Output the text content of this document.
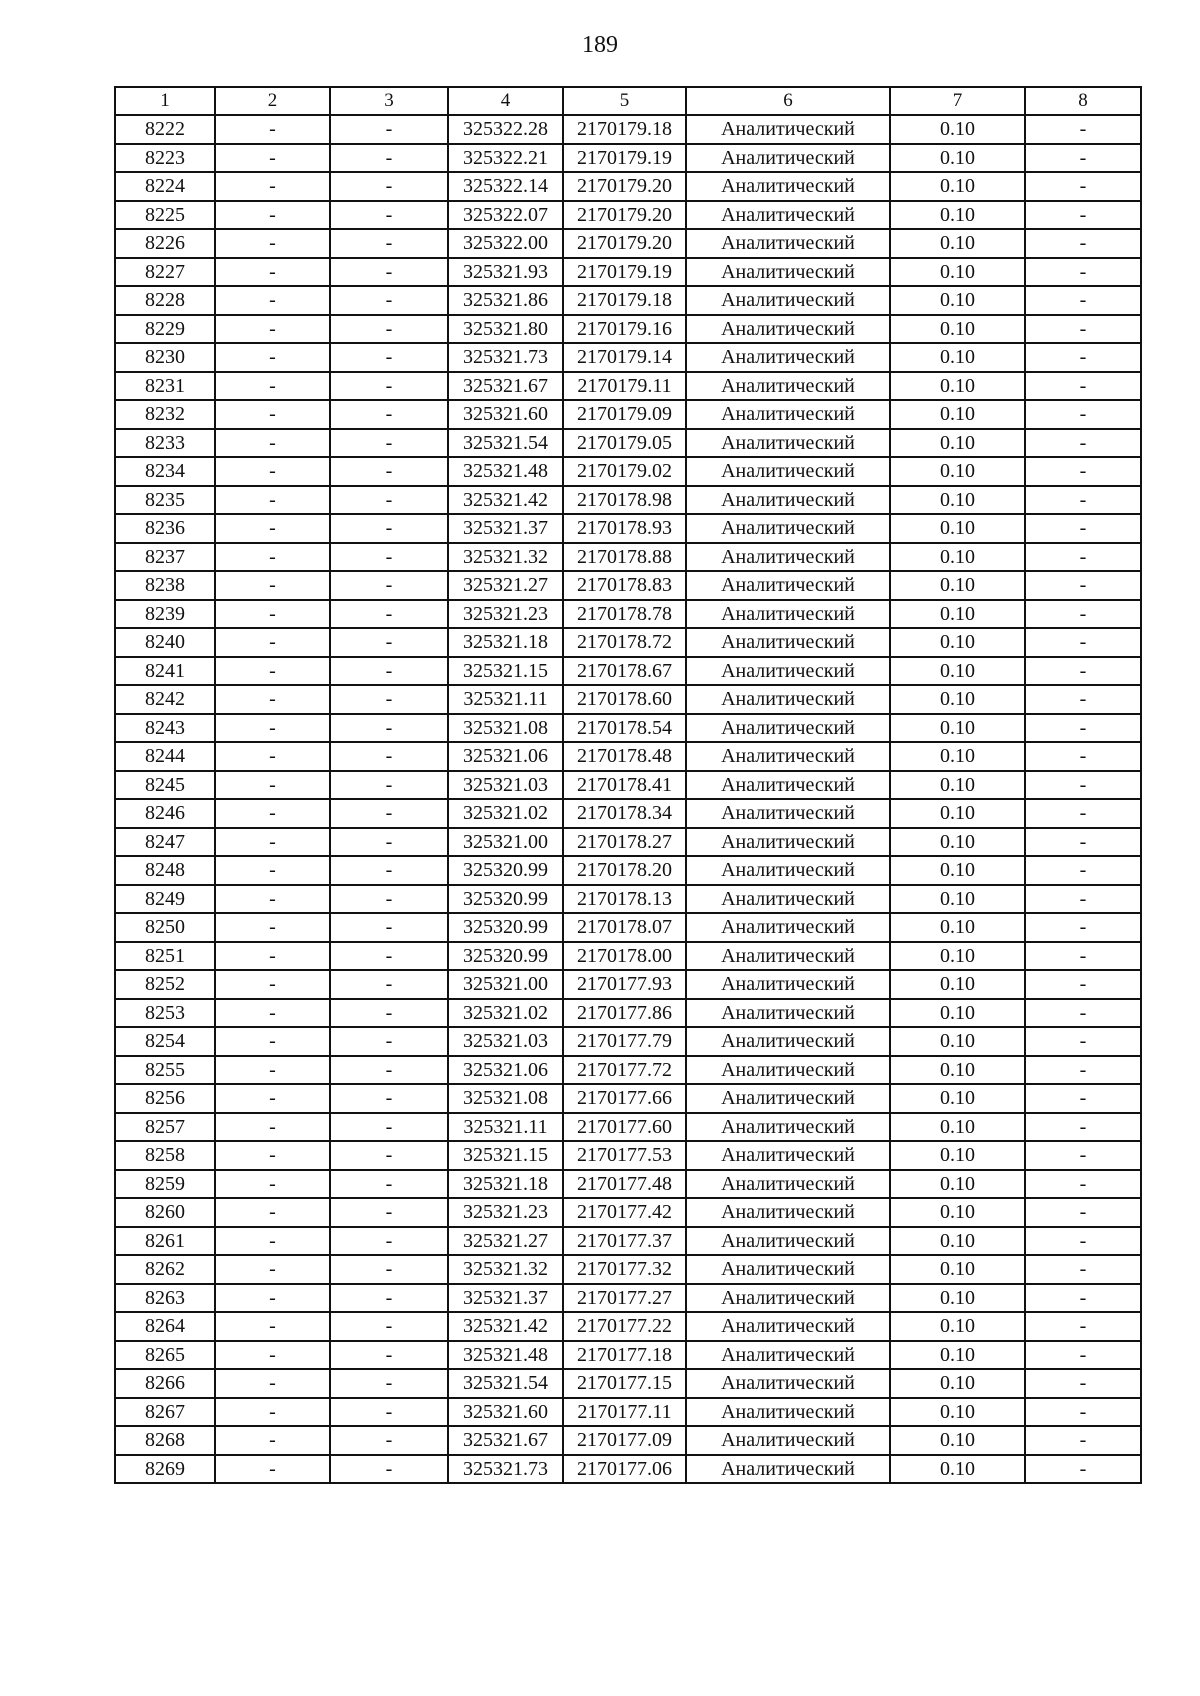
189
1	2	3	4	5	6	7	8
8222	-	-	325322.28	2170179.18	Аналитический	0.10	-
8223	-	-	325322.21	2170179.19	Аналитический	0.10	-
8224	-	-	325322.14	2170179.20	Аналитический	0.10	-
8225	-	-	325322.07	2170179.20	Аналитический	0.10	-
8226	-	-	325322.00	2170179.20	Аналитический	0.10	-
8227	-	-	325321.93	2170179.19	Аналитический	0.10	-
8228	-	-	325321.86	2170179.18	Аналитический	0.10	-
8229	-	-	325321.80	2170179.16	Аналитический	0.10	-
8230	-	-	325321.73	2170179.14	Аналитический	0.10	-
8231	-	-	325321.67	2170179.11	Аналитический	0.10	-
8232	-	-	325321.60	2170179.09	Аналитический	0.10	-
8233	-	-	325321.54	2170179.05	Аналитический	0.10	-
8234	-	-	325321.48	2170179.02	Аналитический	0.10	-
8235	-	-	325321.42	2170178.98	Аналитический	0.10	-
8236	-	-	325321.37	2170178.93	Аналитический	0.10	-
8237	-	-	325321.32	2170178.88	Аналитический	0.10	-
8238	-	-	325321.27	2170178.83	Аналитический	0.10	-
8239	-	-	325321.23	2170178.78	Аналитический	0.10	-
8240	-	-	325321.18	2170178.72	Аналитический	0.10	-
8241	-	-	325321.15	2170178.67	Аналитический	0.10	-
8242	-	-	325321.11	2170178.60	Аналитический	0.10	-
8243	-	-	325321.08	2170178.54	Аналитический	0.10	-
8244	-	-	325321.06	2170178.48	Аналитический	0.10	-
8245	-	-	325321.03	2170178.41	Аналитический	0.10	-
8246	-	-	325321.02	2170178.34	Аналитический	0.10	-
8247	-	-	325321.00	2170178.27	Аналитический	0.10	-
8248	-	-	325320.99	2170178.20	Аналитический	0.10	-
8249	-	-	325320.99	2170178.13	Аналитический	0.10	-
8250	-	-	325320.99	2170178.07	Аналитический	0.10	-
8251	-	-	325320.99	2170178.00	Аналитический	0.10	-
8252	-	-	325321.00	2170177.93	Аналитический	0.10	-
8253	-	-	325321.02	2170177.86	Аналитический	0.10	-
8254	-	-	325321.03	2170177.79	Аналитический	0.10	-
8255	-	-	325321.06	2170177.72	Аналитический	0.10	-
8256	-	-	325321.08	2170177.66	Аналитический	0.10	-
8257	-	-	325321.11	2170177.60	Аналитический	0.10	-
8258	-	-	325321.15	2170177.53	Аналитический	0.10	-
8259	-	-	325321.18	2170177.48	Аналитический	0.10	-
8260	-	-	325321.23	2170177.42	Аналитический	0.10	-
8261	-	-	325321.27	2170177.37	Аналитический	0.10	-
8262	-	-	325321.32	2170177.32	Аналитический	0.10	-
8263	-	-	325321.37	2170177.27	Аналитический	0.10	-
8264	-	-	325321.42	2170177.22	Аналитический	0.10	-
8265	-	-	325321.48	2170177.18	Аналитический	0.10	-
8266	-	-	325321.54	2170177.15	Аналитический	0.10	-
8267	-	-	325321.60	2170177.11	Аналитический	0.10	-
8268	-	-	325321.67	2170177.09	Аналитический	0.10	-
8269	-	-	325321.73	2170177.06	Аналитический	0.10	-
